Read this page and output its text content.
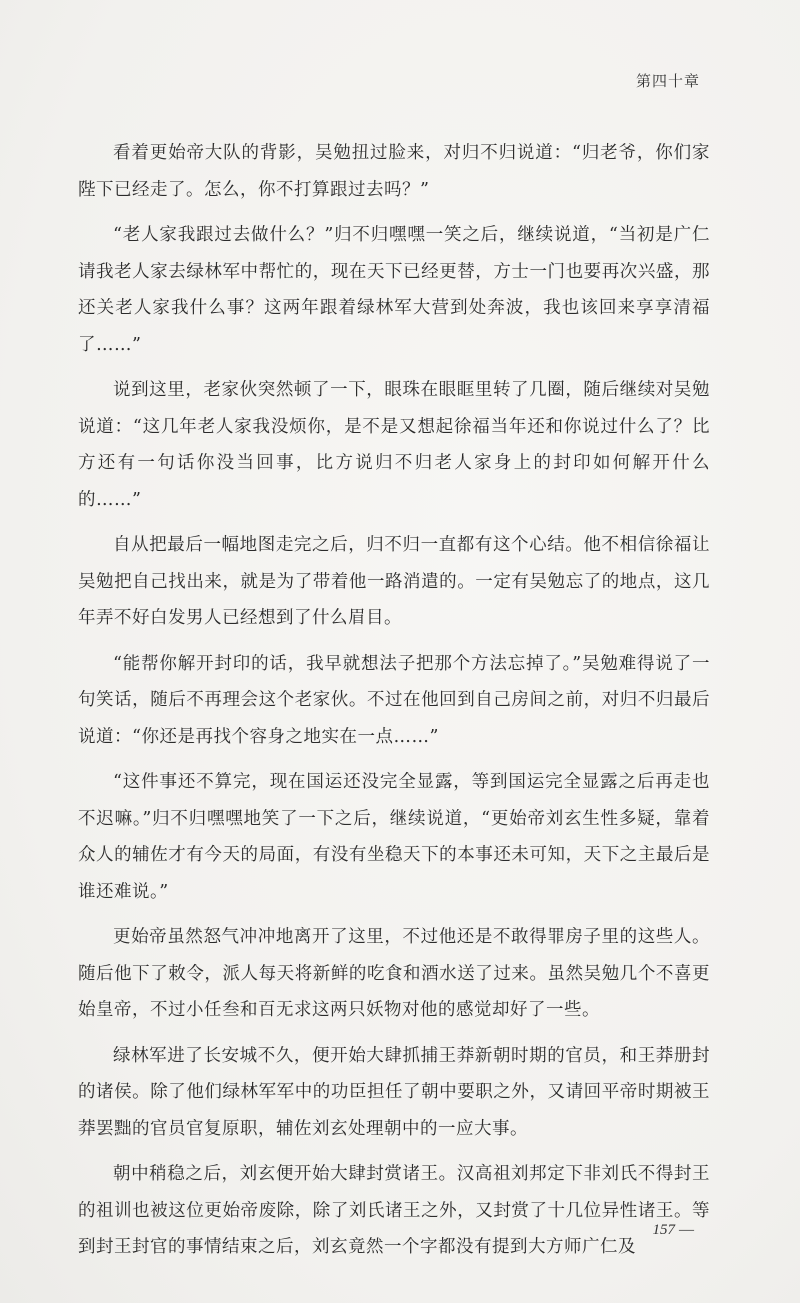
第四十章

看着更始帝大队的背影，吴勉扭过脸来，对归不归说道：“归老爷，你们家陛下已经走了。怎么，你不打算跟过去吗？”

“老人家我跟过去做什么？”归不归嘿嘿一笑之后，继续说道，“当初是广仁请我老人家去绿林军中帮忙的，现在天下已经更替，方士一门也要再次兴盛，那还关老人家我什么事？这两年跟着绿林军大营到处奔波，我也该回来享享清福了……”

说到这里，老家伙突然顿了一下，眼珠在眼眶里转了几圈，随后继续对吴勉说道：“这几年老人家我没烦你，是不是又想起徐福当年还和你说过什么了？比方还有一句话你没当回事，比方说归不归老人家身上的封印如何解开什么的……”

自从把最后一幅地图走完之后，归不归一直都有这个心结。他不相信徐福让吴勉把自己找出来，就是为了带着他一路消遣的。一定有吴勉忘了的地点，这几年弄不好白发男人已经想到了什么眉目。

“能帮你解开封印的话，我早就想法子把那个方法忘掉了。”吴勉难得说了一句笑话，随后不再理会这个老家伙。不过在他回到自己房间之前，对归不归最后说道：“你还是再找个容身之地实在一点……”

“这件事还不算完，现在国运还没完全显露，等到国运完全显露之后再走也不迟嘛。”归不归嘿嘿地笑了一下之后，继续说道，“更始帝刘玄生性多疑，靠着众人的辅佐才有今天的局面，有没有坐稳天下的本事还未可知，天下之主最后是谁还难说。”

更始帝虽然怒气冲冲地离开了这里，不过他还是不敢得罪房子里的这些人。随后他下了敕令，派人每天将新鲜的吃食和酒水送了过来。虽然吴勉几个不喜更始皇帝，不过小任叁和百无求这两只妖物对他的感觉却好了一些。

绿林军进了长安城不久，便开始大肆抓捕王莽新朝时期的官员，和王莽册封的诸侯。除了他们绿林军军中的功臣担任了朝中要职之外，又请回平帝时期被王莽罢黜的官员官复原职，辅佐刘玄处理朝中的一应大事。

朝中稍稳之后，刘玄便开始大肆封赏诸王。汉高祖刘邦定下非刘氏不得封王的祖训也被这位更始帝废除，除了刘氏诸王之外，又封赏了十几位异性诸王。等到封王封官的事情结束之后，刘玄竟然一个字都没有提到大方师广仁及

157 —
